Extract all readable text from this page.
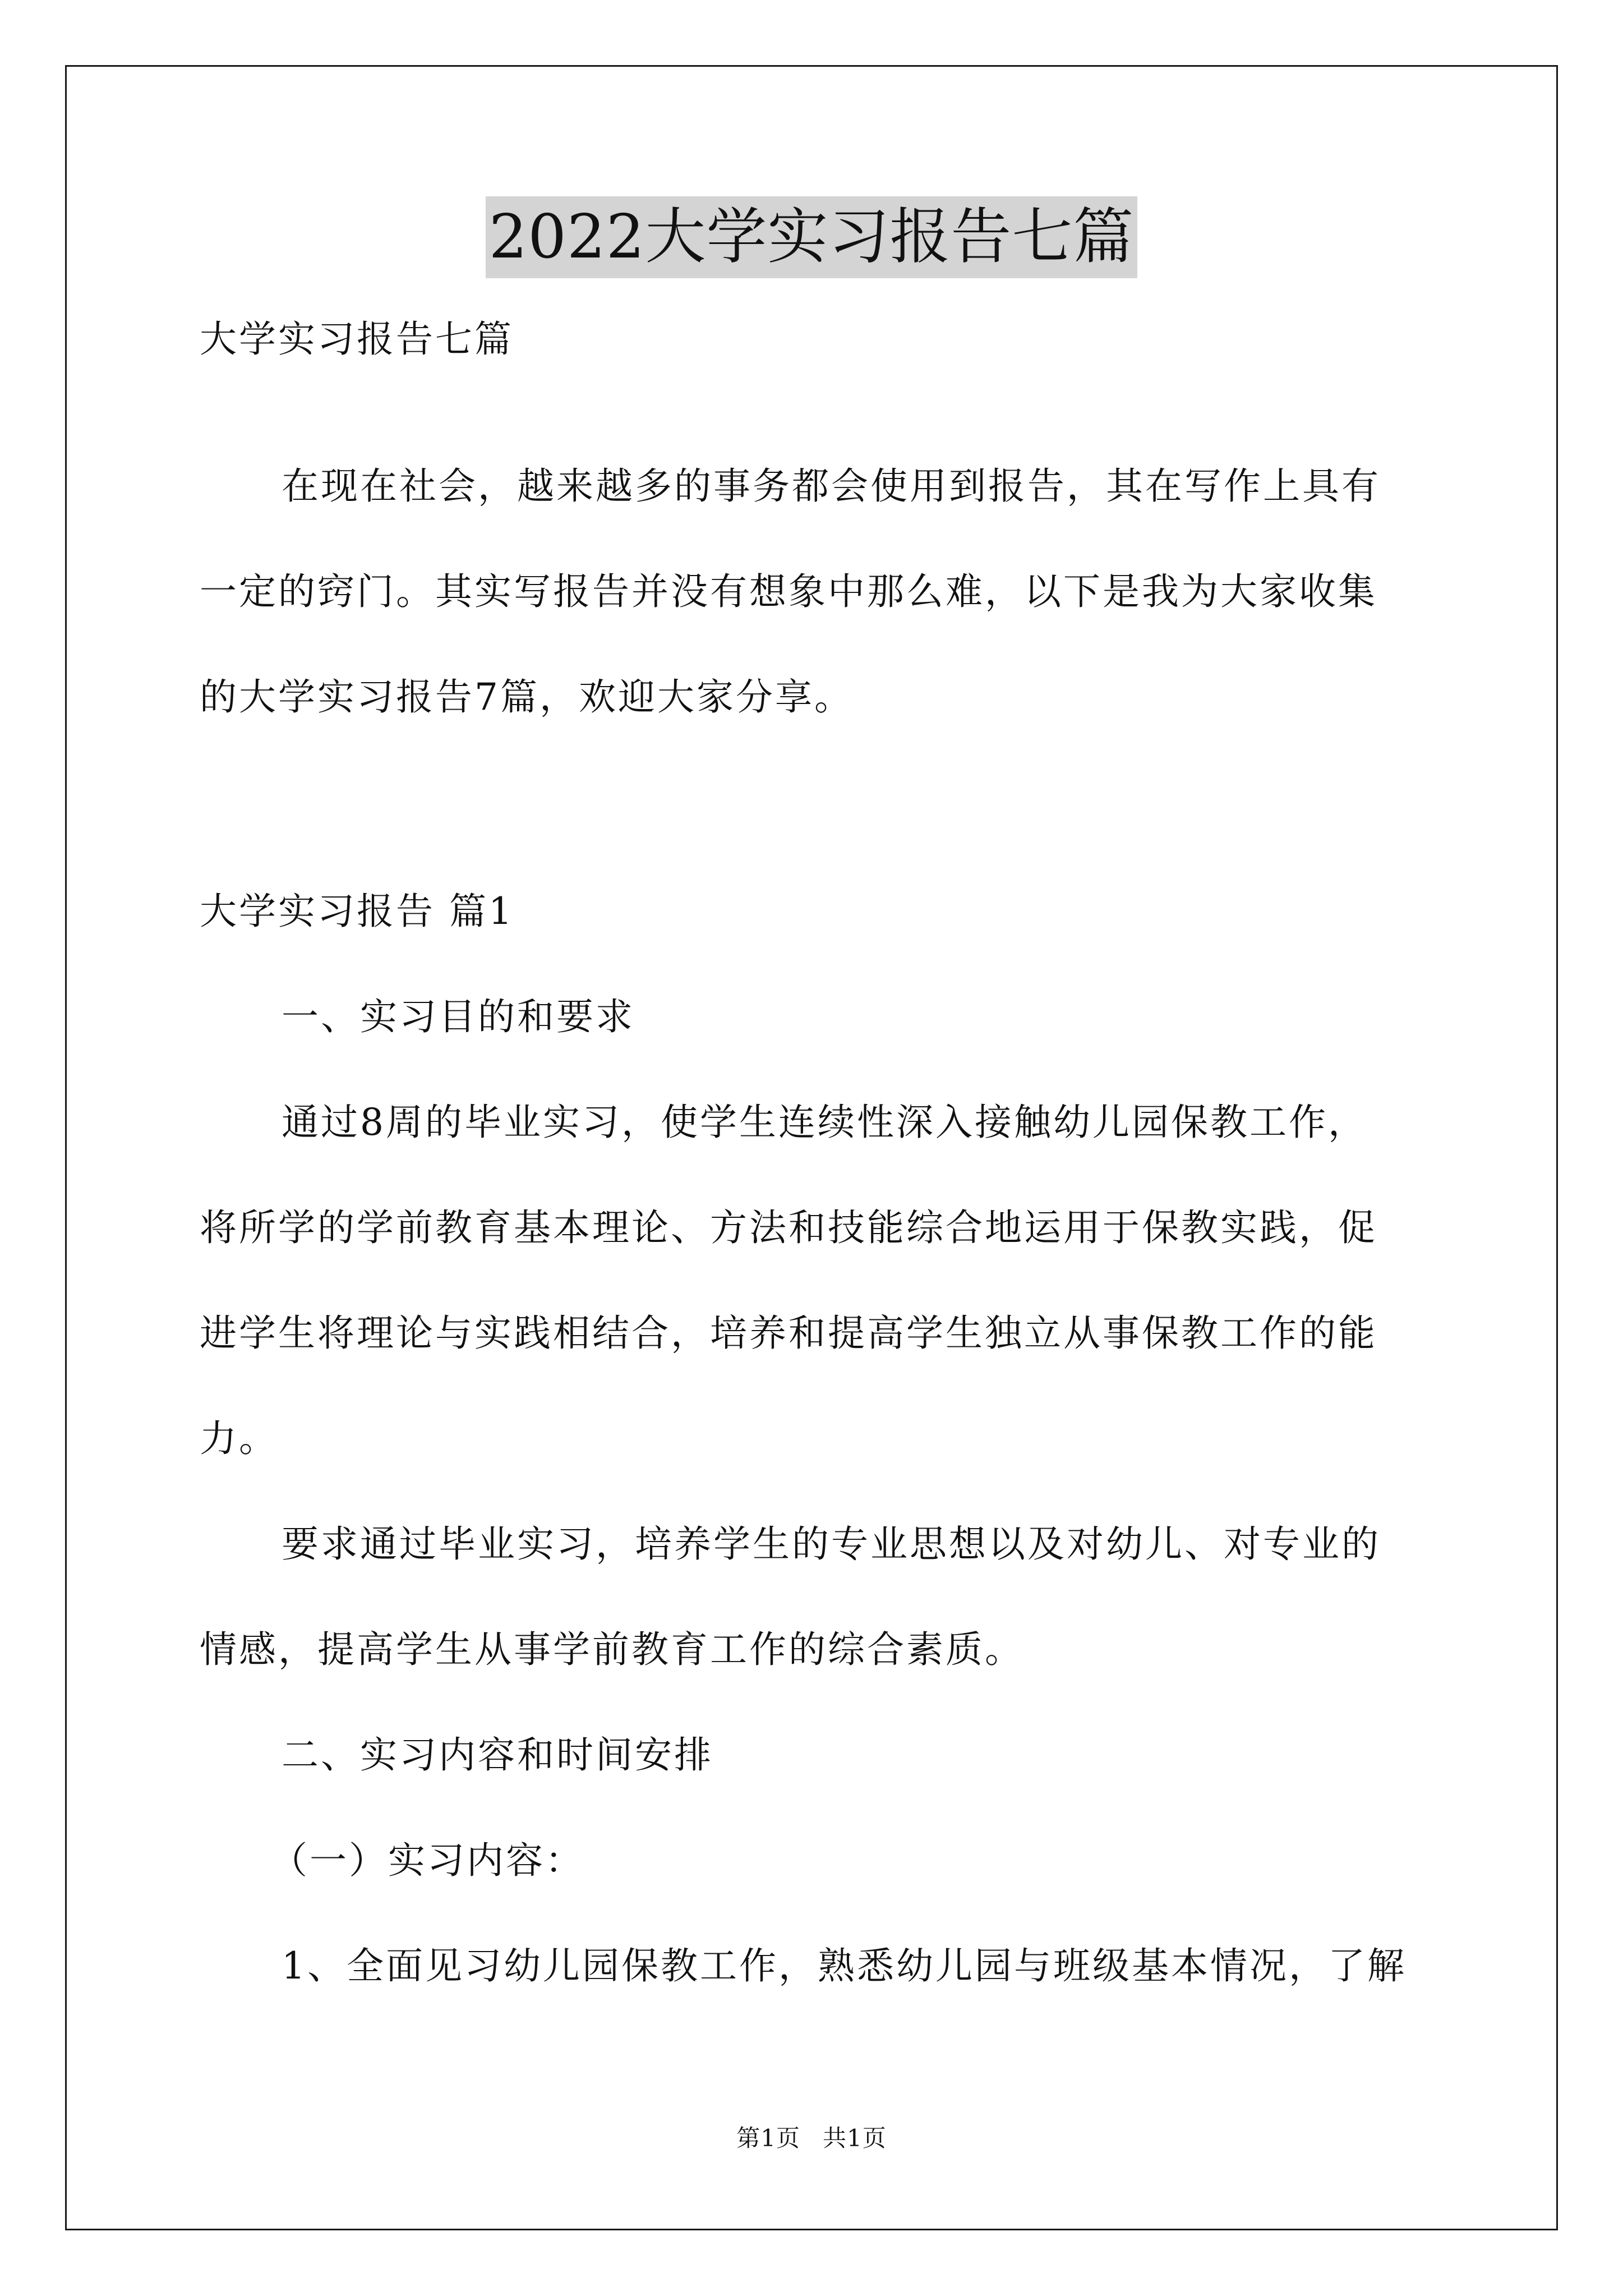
2022大学实习报告七篇

大学实习报告七篇

在现在社会，越来越多的事务都会使用到报告，其在写作上具有

一定的窍门。其实写报告并没有想象中那么难，以下是我为大家收集

的大学实习报告7篇，欢迎大家分享。

大学实习报告 篇1

一、实习目的和要求

通过8周的毕业实习，使学生连续性深入接触幼儿园保教工作，

将所学的学前教育基本理论、方法和技能综合地运用于保教实践，促

进学生将理论与实践相结合，培养和提高学生独立从事保教工作的能

力。

要求通过毕业实习，培养学生的专业思想以及对幼儿、对专业的

情感，提高学生从事学前教育工作的综合素质。

二、实习内容和时间安排

（一）实习内容：

1、全面见习幼儿园保教工作，熟悉幼儿园与班级基本情况，了解

第1页 共1页
